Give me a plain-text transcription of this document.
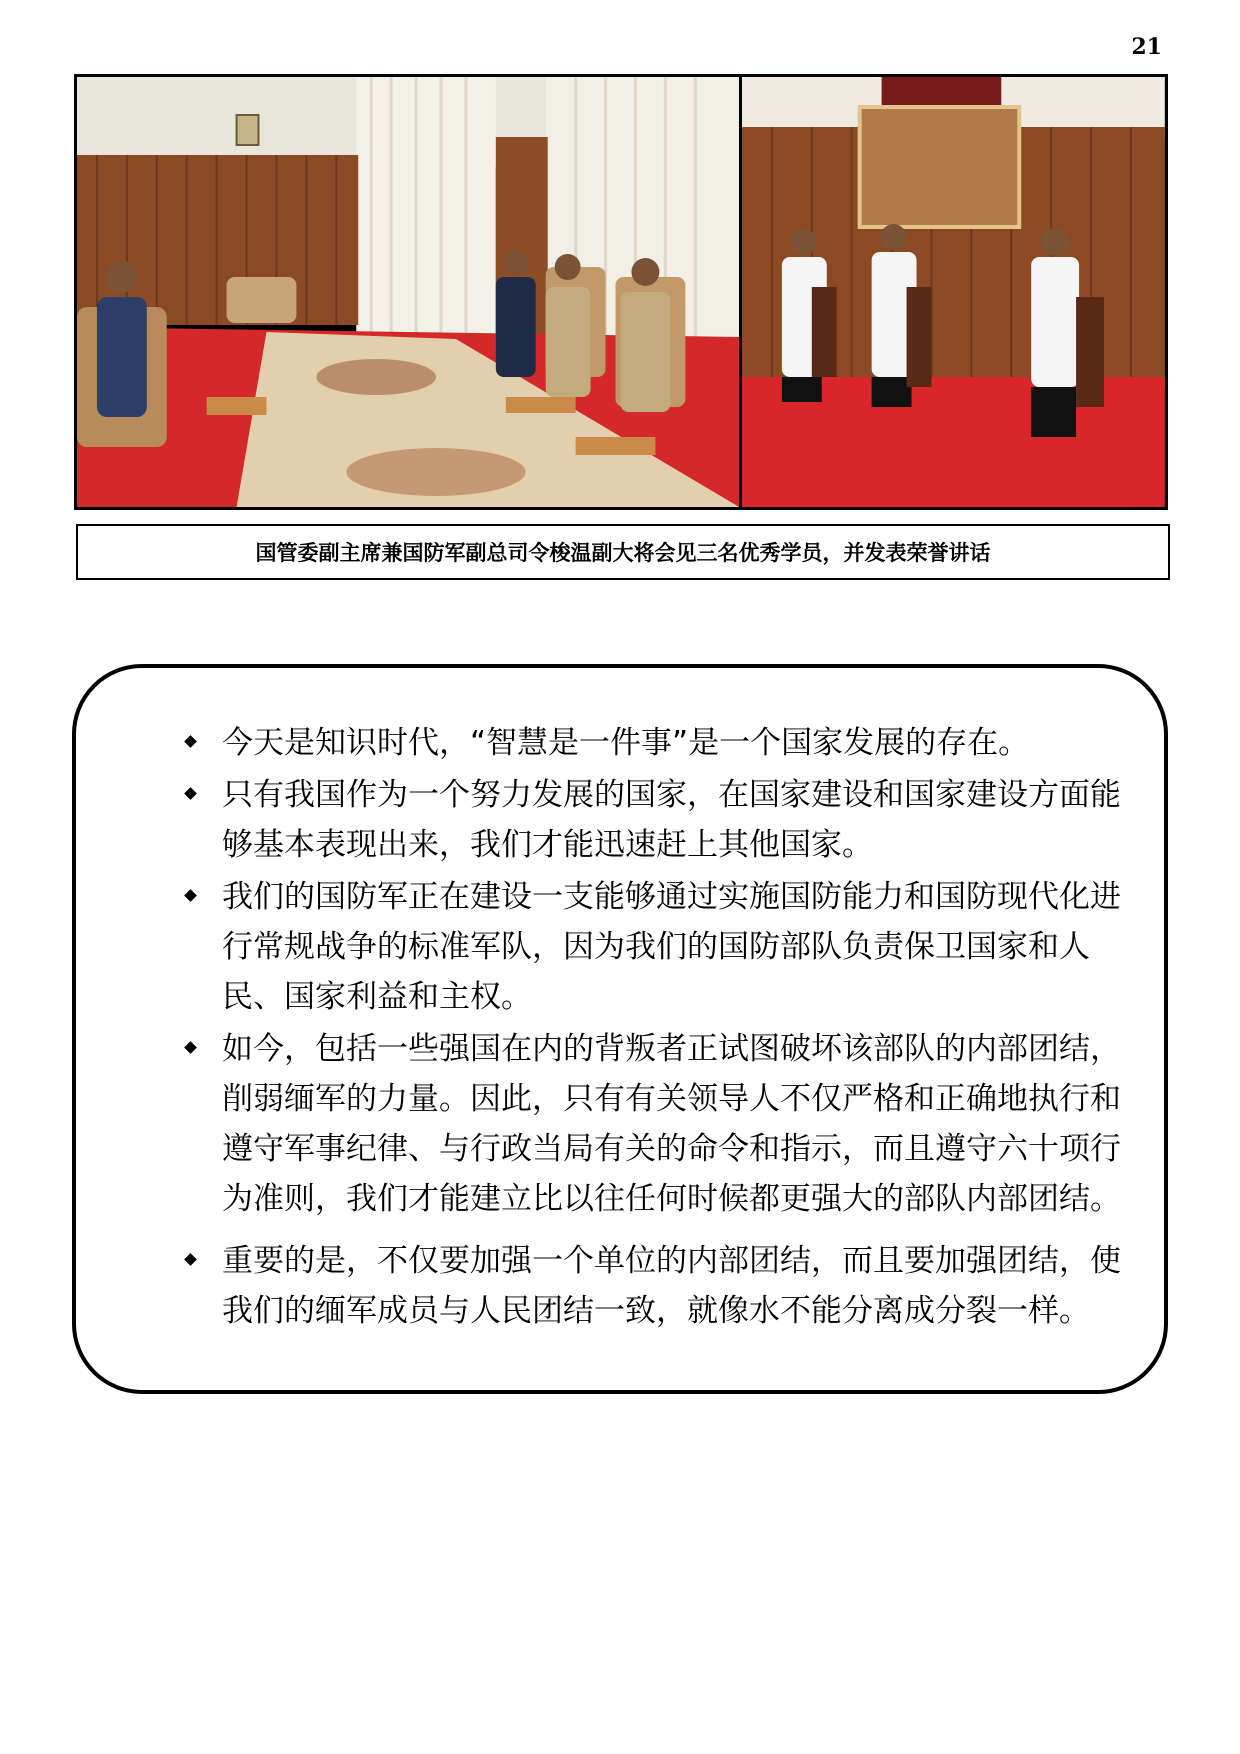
21
国管委副主席兼国防军副总司令梭温副大将会见三名优秀学员，并发表荣誉讲话
今天是知识时代，“智慧是一件事”是一个国家发展的存在。
只有我国作为一个努力发展的国家，在国家建设和国家建设方面能够基本表现出来，我们才能迅速赶上其他国家。
我们的国防军正在建设一支能够通过实施国防能力和国防现代化进行常规战争的标准军队，因为我们的国防部队负责保卫国家和人民、国家利益和主权。
如今，包括一些强国在内的背叛者正试图破坏该部队的内部团结，削弱缅军的力量。因此，只有有关领导人不仅严格和正确地执行和遵守军事纪律、与行政当局有关的命令和指示，而且遵守六十项行为准则，我们才能建立比以往任何时候都更强大的部队内部团结。
重要的是，不仅要加强一个单位的内部团结，而且要加强团结，使我们的缅军成员与人民团结一致，就像水不能分离成分裂一样。
